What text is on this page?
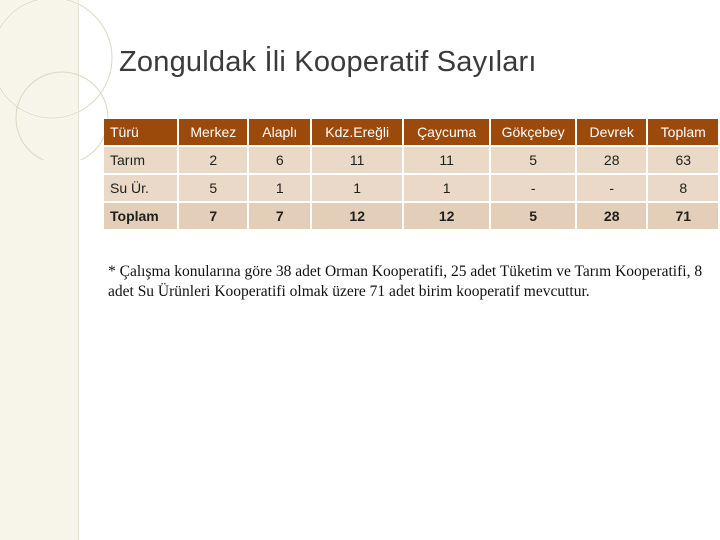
Zonguldak İli Kooperatif Sayıları
Türü	Merkez	Alaplı	Kdz.Ereğli	Çaycuma	Gökçebey	Devrek	Toplam
Tarım	2	6	11	11	5	28	63
Su Ür.	5	1	1	1	-	-	8
Toplam	7	7	12	12	5	28	71
* Çalışma konularına göre 38 adet Orman Kooperatifi, 25 adet Tüketim ve Tarım Kooperatifi, 8 adet Su Ürünleri Kooperatifi olmak üzere 71 adet birim kooperatif mevcuttur.
